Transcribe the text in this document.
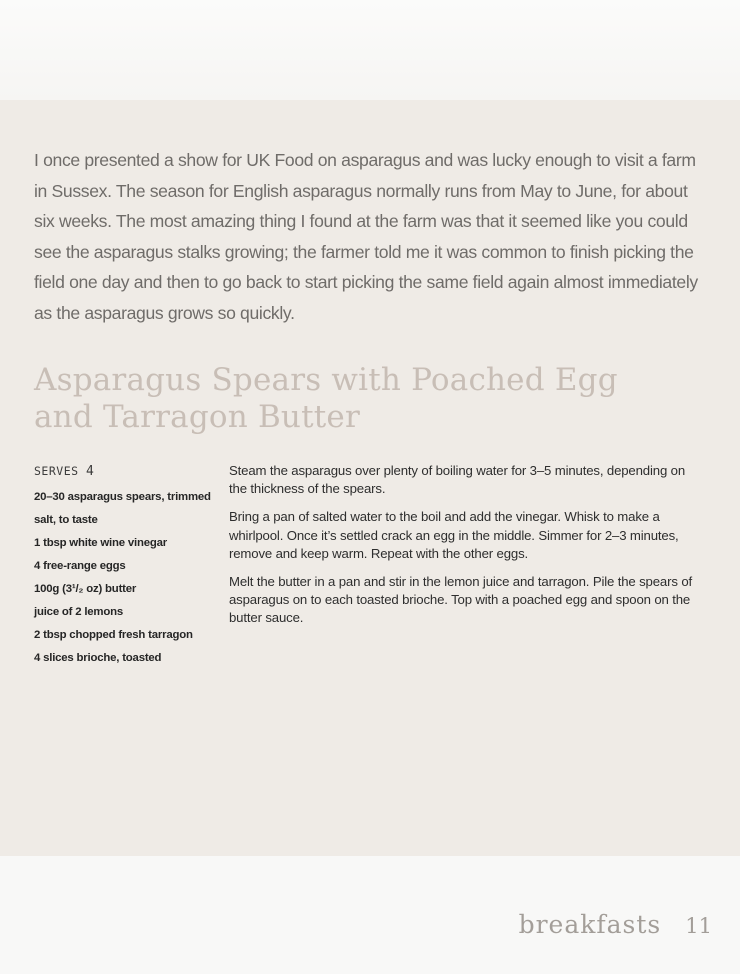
I once presented a show for UK Food on asparagus and was lucky enough to visit a farm in Sussex. The season for English asparagus normally runs from May to June, for about six weeks. The most amazing thing I found at the farm was that it seemed like you could see the asparagus stalks growing; the farmer told me it was common to finish picking the field one day and then to go back to start picking the same field again almost immediately as the asparagus grows so quickly.

Asparagus Spears with Poached Egg
and Tarragon Butter
SERVES 4
20–30 asparagus spears, trimmed
salt, to taste
1 tbsp white wine vinegar
4 free-range eggs
100g (3¹/₂ oz) butter
juice of 2 lemons
2 tbsp chopped fresh tarragon
4 slices brioche, toasted

Steam the asparagus over plenty of boiling water for 3–5 minutes, depending on the thickness of the spears.

Bring a pan of salted water to the boil and add the vinegar. Whisk to make a whirlpool. Once it’s settled crack an egg in the middle. Simmer for 2–3 minutes, remove and keep warm. Repeat with the other eggs.

Melt the butter in a pan and stir in the lemon juice and tarragon. Pile the spears of asparagus on to each toasted brioche. Top with a poached egg and spoon on the butter sauce.

breakfasts 11
